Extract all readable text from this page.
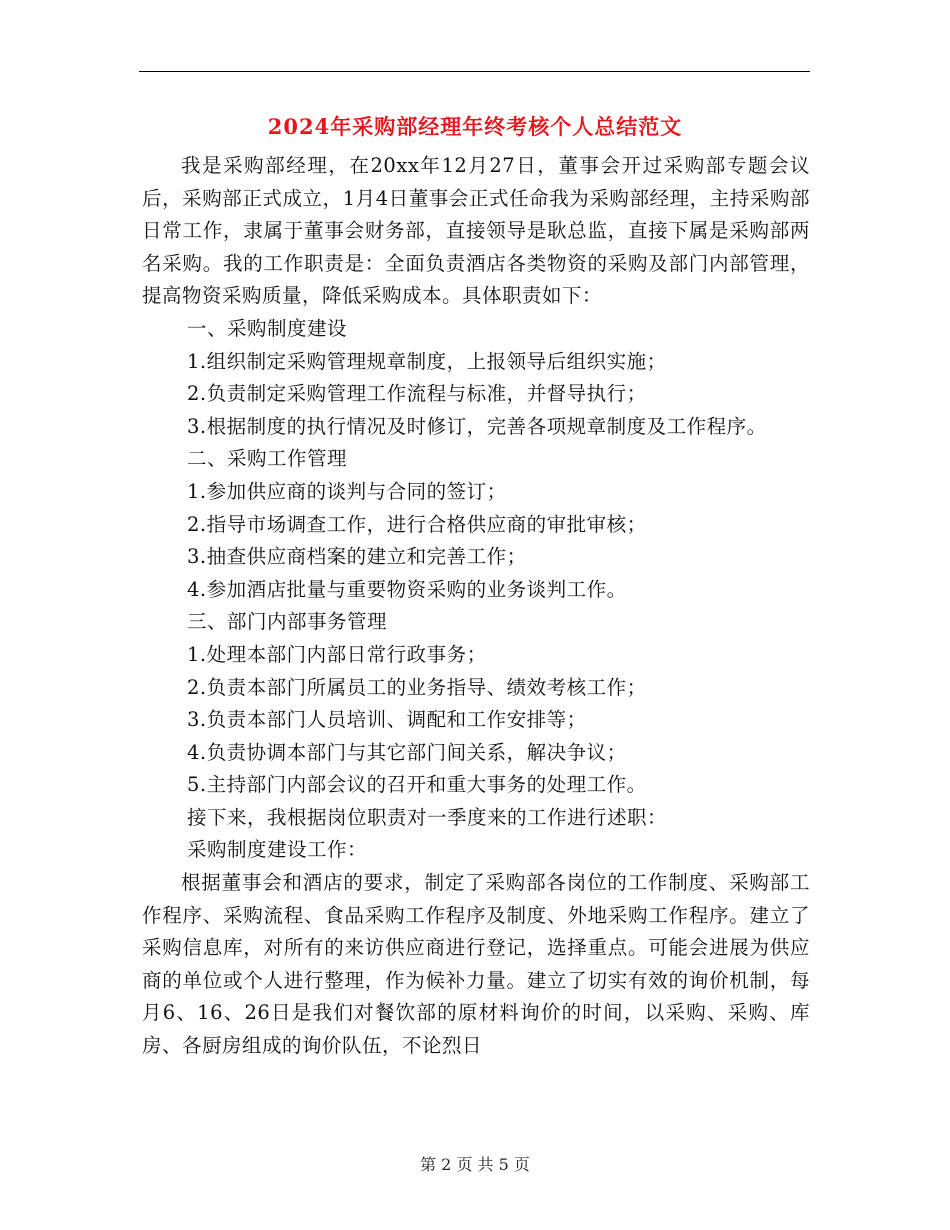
2024年采购部经理年终考核个人总结范文

我是采购部经理，在20xx年12月27日，董事会开过采购部专题会议后，采购部正式成立，1月4日董事会正式任命我为采购部经理，主持采购部日常工作，隶属于董事会财务部，直接领导是耿总监，直接下属是采购部两名采购。我的工作职责是：全面负责酒店各类物资的采购及部门内部管理，提高物资采购质量，降低采购成本。具体职责如下：

一、采购制度建设

1.组织制定采购管理规章制度，上报领导后组织实施；

2.负责制定采购管理工作流程与标准，并督导执行；

3.根据制度的执行情况及时修订，完善各项规章制度及工作程序。

二、采购工作管理

1.参加供应商的谈判与合同的签订；

2.指导市场调查工作，进行合格供应商的审批审核；

3.抽查供应商档案的建立和完善工作；

4.参加酒店批量与重要物资采购的业务谈判工作。

三、部门内部事务管理

1.处理本部门内部日常行政事务；

2.负责本部门所属员工的业务指导、绩效考核工作；

3.负责本部门人员培训、调配和工作安排等；

4.负责协调本部门与其它部门间关系，解决争议；

5.主持部门内部会议的召开和重大事务的处理工作。

接下来，我根据岗位职责对一季度来的工作进行述职：

采购制度建设工作：

根据董事会和酒店的要求，制定了采购部各岗位的工作制度、采购部工作程序、采购流程、食品采购工作程序及制度、外地采购工作程序。建立了采购信息库，对所有的来访供应商进行登记，选择重点。可能会进展为供应商的单位或个人进行整理，作为候补力量。建立了切实有效的询价机制，每月6、16、26日是我们对餐饮部的原材料询价的时间，以采购、采购、库房、各厨房组成的询价队伍，不论烈日

第 2 页 共 5 页
